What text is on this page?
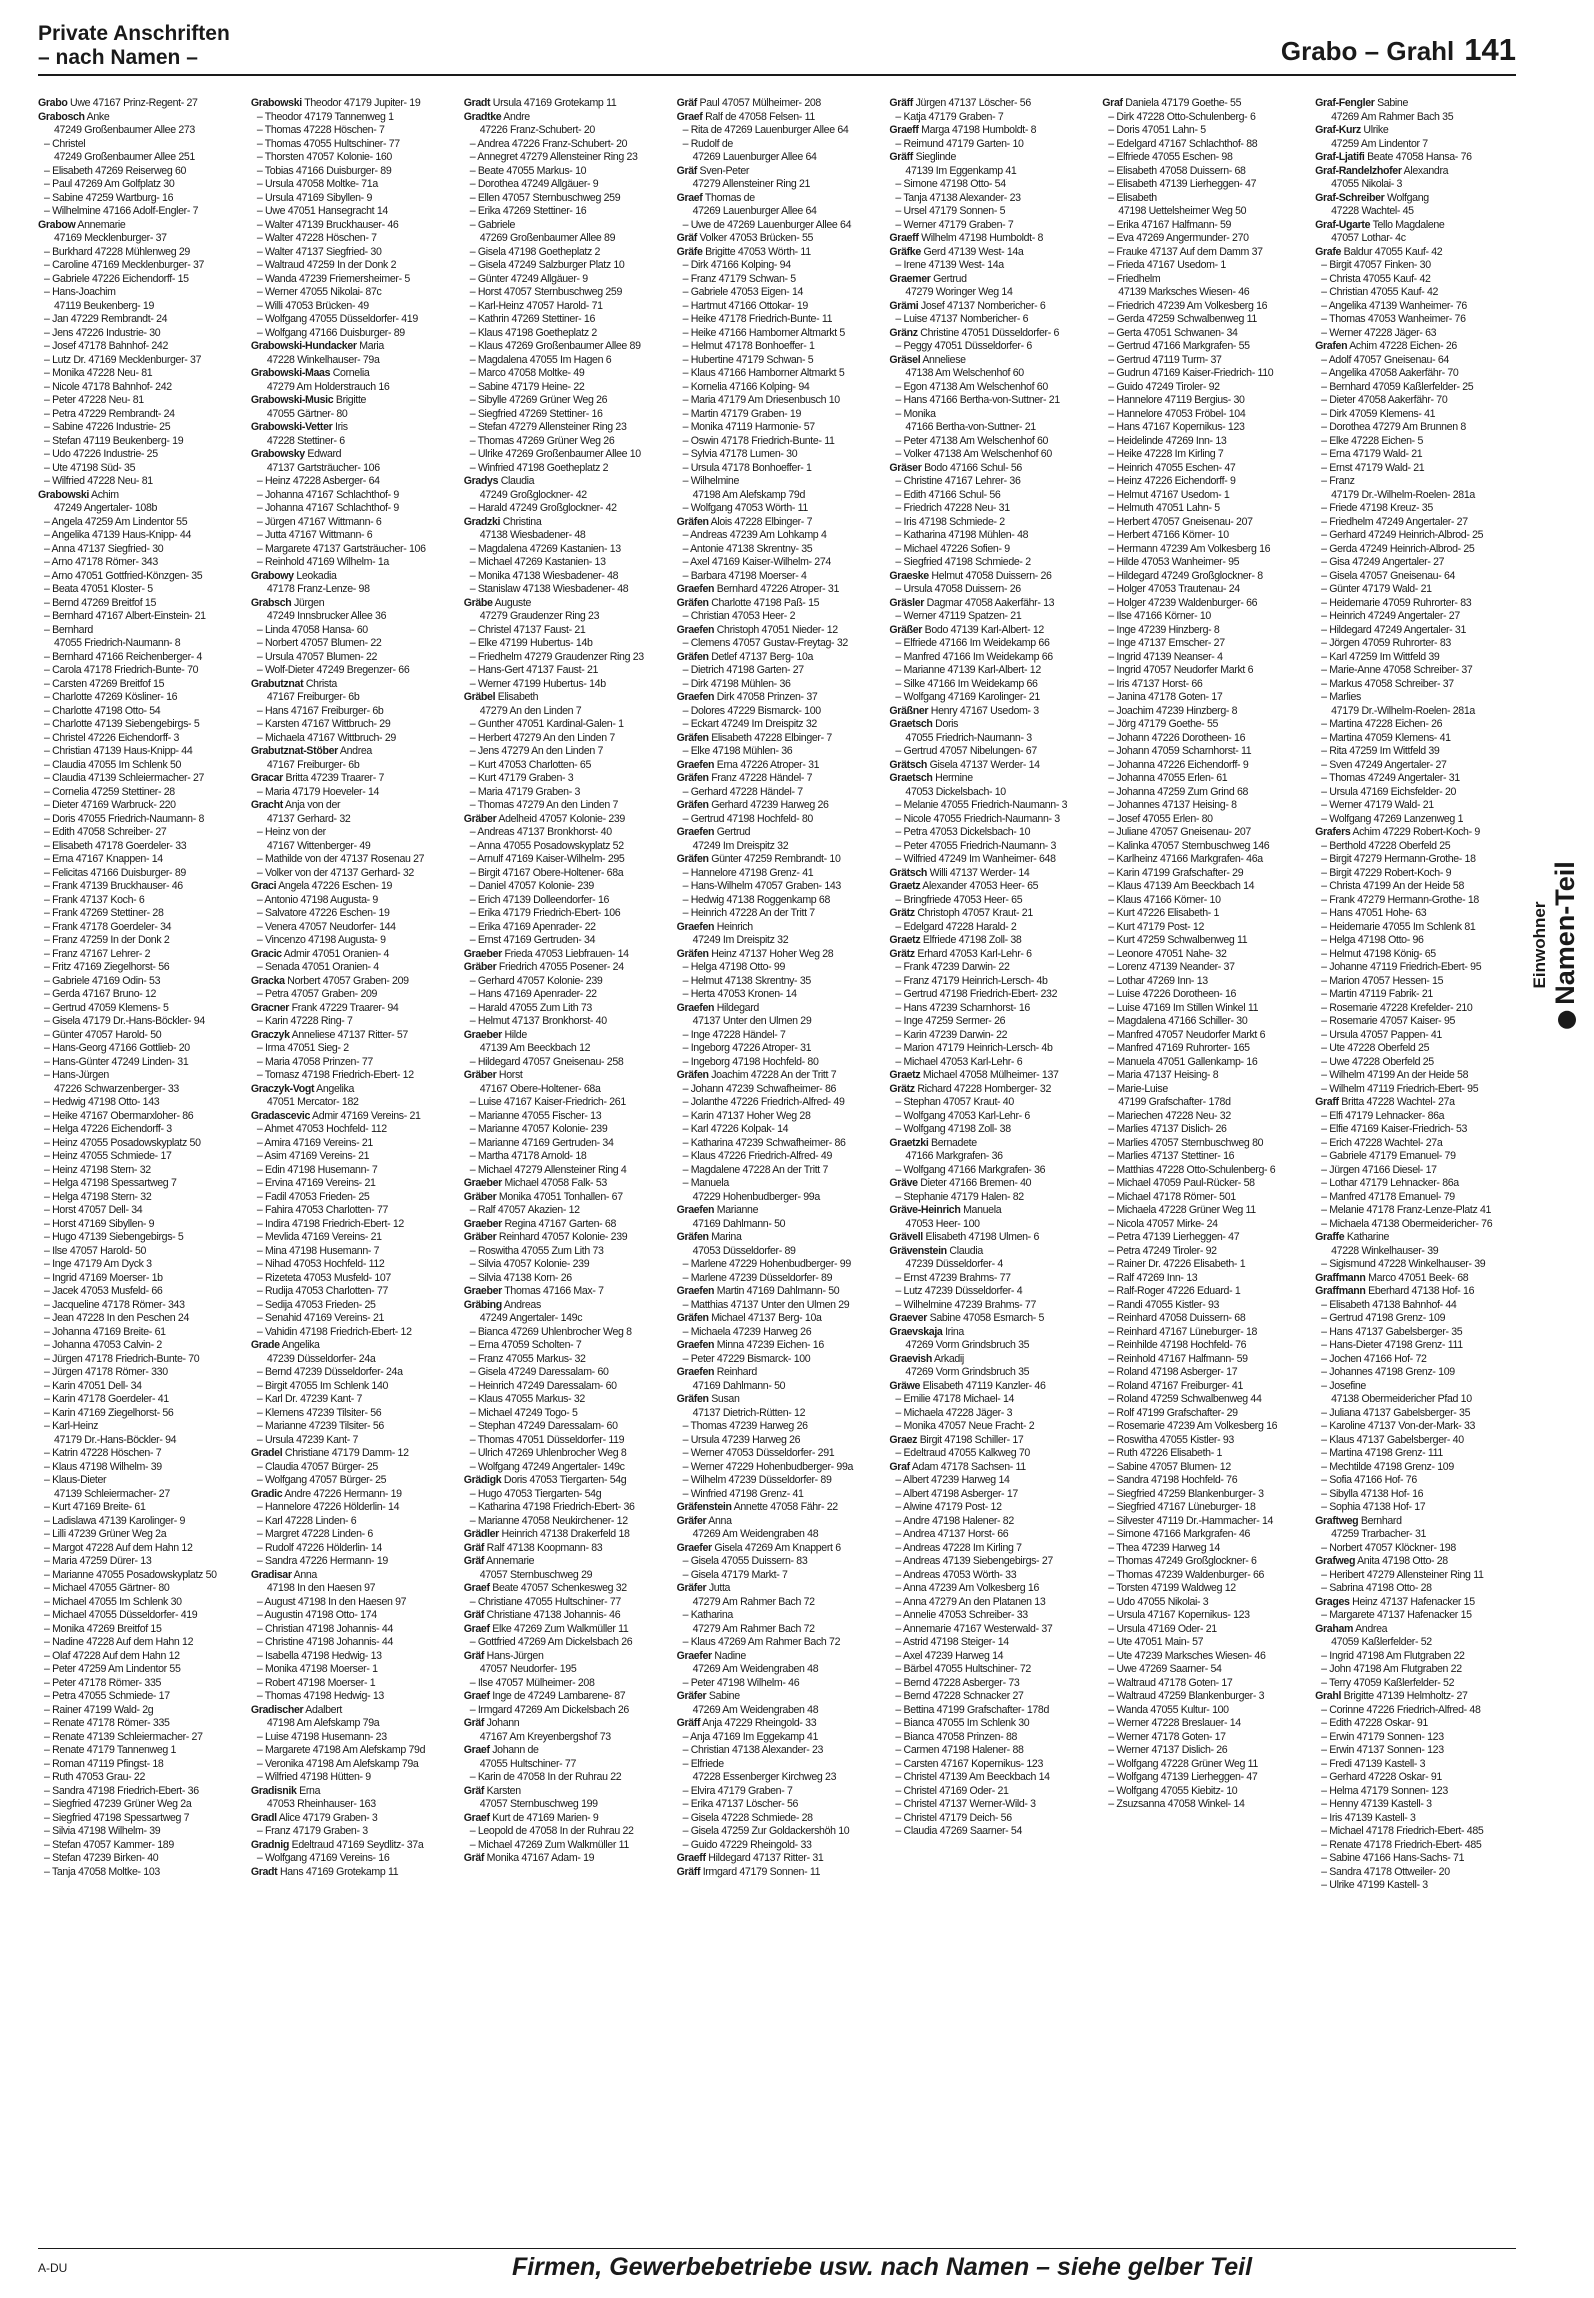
Private Anschriften
– nach Namen –	Grabo – Grahl 141
Grabo Uwe 47167 Prinz-Regent- 27
Grabosch Anke
47249 Großenbaumer Allee 273
– Christel
47249 Großenbaumer Allee 251
– Elisabeth 47269 Reiserweg 60
– Paul 47269 Am Golfplatz 30
– Sabine 47259 Wartburg- 16
– Wilhelmine 47166 Adolf-Engler- 7
Grabow Annemarie
47169 Mecklenburger- 37
– Burkhard 47228 Mühlenweg 29
– Caroline 47169 Mecklenburger- 37
– Gabriele 47226 Eichendorff- 15
– Hans-Joachim
47119 Beukenberg- 19
– Jan 47229 Rembrandt- 24
– Jens 47226 Industrie- 30
– Josef 47178 Bahnhof- 242
– Lutz Dr. 47169 Mecklenburger- 37
– Monika 47228 Neu- 81
– Nicole 47178 Bahnhof- 242
– Peter 47228 Neu- 81
– Petra 47229 Rembrandt- 24
– Sabine 47226 Industrie- 25
– Stefan 47119 Beukenberg- 19
– Udo 47226 Industrie- 25
– Ute 47198 Süd- 35
– Wilfried 47228 Neu- 81
Grabowski Achim
47249 Angertaler- 108b
– Angela 47259 Am Lindentor 55
– Angelika 47139 Haus-Knipp- 44
– Anna 47137 Siegfried- 30
– Arno 47178 Römer- 343
– Arno 47051 Gottfried-Könzgen- 35
– Beata 47051 Kloster- 5
– Bernd 47269 Breitfof 15
– Bernhard 47167 Albert-Einstein- 21
– Bernhard
47055 Friedrich-Naumann- 8
– Bernhard 47166 Reichenberger- 4
– Carola 47178 Friedrich-Bunte- 70
– Carsten 47269 Breitfof 15
– Charlotte 47269 Kösliner- 16
– Charlotte 47198 Otto- 54
– Charlotte 47139 Siebengebirgs- 5
– Christel 47226 Eichendorff- 3
– Christian 47139 Haus-Knipp- 44
– Claudia 47055 Im Schlenk 50
– Claudia 47139 Schleiermacher- 27
– Cornelia 47259 Stettiner- 28
– Dieter 47169 Warbruck- 220
– Doris 47055 Friedrich-Naumann- 8
– Edith 47058 Schreiber- 27
– Elisabeth 47178 Goerdeler- 33
– Erna 47167 Knappen- 14
– Felicitas 47166 Duisburger- 89
– Frank 47139 Bruckhauser- 46
– Frank 47137 Koch- 6
– Frank 47269 Stettiner- 28
– Frank 47178 Goerdeler- 34
– Franz 47259 In der Donk 2
– Franz 47167 Lehrer- 2
– Fritz 47169 Ziegelhorst- 56
– Gabriele 47169 Odin- 53
– Gerda 47167 Bruno- 12
– Gertrud 47059 Klemens- 5
– Gisela 47179 Dr.-Hans-Böckler- 94
– Günter 47057 Harold- 50
– Hans-Georg 47166 Gottlieb- 20
– Hans-Günter 47249 Linden- 31
– Hans-Jürgen
47226 Schwarzenberger- 33
– Hedwig 47198 Otto- 143
– Heike 47167 Obermarxloher- 86
– Helga 47226 Eichendorff- 3
– Heinz 47055 Posadowskyplatz 50
– Heinz 47055 Schmiede- 17
– Heinz 47198 Stern- 32
– Helga 47198 Spessartweg 7
– Helga 47198 Stern- 32
– Horst 47057 Dell- 34
– Horst 47169 Sibyllen- 9
– Hugo 47139 Siebengebirgs- 5
– Ilse 47057 Harold- 50
– Inge 47179 Am Dyck 3
– Ingrid 47169 Moerser- 1b
– Jacek 47053 Musfeld- 66
– Jacqueline 47178 Römer- 343
– Jean 47228 In den Peschen 24
– Johanna 47169 Breite- 61
– Johanna 47053 Calvin- 2
– Jürgen 47178 Friedrich-Bunte- 70
– Jürgen 47178 Römer- 330
– Karin 47051 Dell- 34
– Karin 47178 Goerdeler- 41
– Karin 47169 Ziegelhorst- 56
– Karl-Heinz
47179 Dr.-Hans-Böckler- 94
– Katrin 47228 Höschen- 7
– Klaus 47198 Wilhelm- 39
– Klaus-Dieter
47139 Schleiermacher- 27
– Kurt 47169 Breite- 61
– Ladislawa 47139 Karolinger- 9
– Lilli 47239 Grüner Weg 2a
– Margot 47228 Auf dem Hahn 12
– Maria 47259 Dürer- 13
– Marianne 47055 Posadowskyplatz 50
– Michael 47055 Gärtner- 80
– Michael 47055 Im Schlenk 30
– Michael 47055 Düsseldorfer- 419
– Monika 47269 Breitfof 15
– Nadine 47228 Auf dem Hahn 12
– Olaf 47228 Auf dem Hahn 12
– Peter 47259 Am Lindentor 55
– Peter 47178 Römer- 335
– Petra 47055 Schmiede- 17
– Rainer 47199 Wald- 2g
– Renate 47178 Römer- 335
– Renate 47139 Schleiermacher- 27
– Renate 47179 Tannenweg 1
– Roman 47119 Pfingst- 18
– Ruth 47053 Grau- 22
– Sandra 47198 Friedrich-Ebert- 36
– Siegfried 47239 Grüner Weg 2a
– Siegfried 47198 Spessartweg 7
– Silvia 47198 Wilhelm- 39
– Stefan 47057 Kammer- 189
– Stefan 47239 Birken- 40
– Tanja 47058 Moltke- 103
Grabowski Theodor 47179 Jupiter- 19
– Theodor 47179 Tannenweg 1
– Thomas 47228 Höschen- 7
– Thomas 47055 Hultschiner- 77
– Thorsten 47057 Kolonie- 160
– Tobias 47166 Duisburger- 89
– Ursula 47058 Moltke- 71a
– Ursula 47169 Sibyllen- 9
– Uwe 47051 Hansegracht 14
– Walter 47139 Bruckhauser- 46
– Walter 47228 Höschen- 7
– Walter 47137 Siegfried- 30
– Waltraud 47259 In der Donk 2
– Wanda 47239 Friemersheimer- 5
– Werner 47055 Nikolai- 87c
– Willi 47053 Brücken- 49
– Wolfgang 47055 Düsseldorfer- 419
– Wolfgang 47166 Duisburger- 89
Grabowski-Hundacker Maria
47228 Winkelhauser- 79a
Grabowski-Maas Cornelia
47279 Am Holderstrauch 16
Grabowski-Music Brigitte
47055 Gärtner- 80
Grabowski-Vetter Iris
47228 Stettiner- 6
Grabowsky Edward
47137 Gartsträucher- 106
– Heinz 47228 Asberger- 64
– Johanna 47167 Schlachthof- 9
– Johanna 47167 Schlachthof- 9
– Jürgen 47167 Wittmann- 6
– Jutta 47167 Wittmann- 6
– Margarete 47137 Gartsträucher- 106
– Reinhold 47169 Wilhelm- 1a
Grabowy Leokadia
47178 Franz-Lenze- 98
Grabsch Jürgen
47249 Innsbrucker Allee 36
– Linda 47058 Hansa- 60
– Norbert 47057 Blumen- 22
– Ursula 47057 Blumen- 22
– Wolf-Dieter 47249 Bregenzer- 66
Grabutznat Christa
47167 Freiburger- 6b
– Hans 47167 Freiburger- 6b
– Karsten 47167 Wittbruch- 29
– Michaela 47167 Wittbruch- 29
Grabutznat-Stöber Andrea
47167 Freiburger- 6b
Gracar Britta 47239 Traarer- 7
– Maria 47179 Hoeveler- 14
Gracht Anja von der
47137 Gerhard- 32
– Heinz von der
47167 Wittenberger- 49
– Mathilde von der 47137 Rosenau 27
– Volker von der 47137 Gerhard- 32
Graci Angela 47226 Eschen- 19
– Antonio 47198 Augusta- 9
– Salvatore 47226 Eschen- 19
– Venera 47057 Neudorfer- 144
– Vincenzo 47198 Augusta- 9
Gracic Admir 47051 Oranien- 4
– Senada 47051 Oranien- 4
Gracka Norbert 47057 Graben- 209
– Petra 47057 Graben- 209
Gracner Frank 47229 Traarer- 94
– Karin 47228 Ring- 7
Graczyk Anneliese 47137 Ritter- 57
– Irma 47051 Sieg- 2
– Maria 47058 Prinzen- 77
– Tomasz 47198 Friedrich-Ebert- 12
Graczyk-Vogt Angelika
47051 Mercator- 182
Gradascevic Admir 47169 Vereins- 21
– Ahmet 47053 Hochfeld- 112
– Amira 47169 Vereins- 21
– Asim 47169 Vereins- 21
– Edin 47198 Husemann- 7
– Ervina 47169 Vereins- 21
– Fadil 47053 Frieden- 25
– Fahira 47053 Charlotten- 77
– Indira 47198 Friedrich-Ebert- 12
– Mevlida 47169 Vereins- 21
– Mina 47198 Husemann- 7
– Nihad 47053 Hochfeld- 112
– Rizeteta 47053 Musfeld- 107
– Rudija 47053 Charlotten- 77
– Sedija 47053 Frieden- 25
– Senahid 47169 Vereins- 21
– Vahidin 47198 Friedrich-Ebert- 12
Grade Angelika
47239 Düsseldorfer- 24a
– Bernd 47239 Düsseldorfer- 24a
– Birgit 47055 Im Schlenk 140
– Karl Dr. 47239 Kant- 7
– Klemens 47239 Tilsiter- 56
– Marianne 47239 Tilsiter- 56
– Ursula 47239 Kant- 7
Gradel Christiane 47179 Damm- 12
– Claudia 47057 Bürger- 25
– Wolfgang 47057 Bürger- 25
Gradic Andre 47226 Hermann- 19
– Hannelore 47226 Hölderlin- 14
– Karl 47228 Linden- 6
– Margret 47228 Linden- 6
– Rudolf 47226 Hölderlin- 14
– Sandra 47226 Hermann- 19
Gradisar Anna
47198 In den Haesen 97
– August 47198 In den Haesen 97
– Augustin 47198 Otto- 174
– Christian 47198 Johannis- 44
– Christine 47198 Johannis- 44
– Isabella 47198 Hedwig- 13
– Monika 47198 Moerser- 1
– Robert 47198 Moerser- 1
– Thomas 47198 Hedwig- 13
Gradischer Adalbert
47198 Am Alefskamp 79a
– Luise 47198 Husemann- 23
– Margarete 47198 Am Alefskamp 79d
– Veronika 47198 Am Alefskamp 79a
– Wilfried 47198 Hütten- 9
Gradisnik Erna
47053 Rheinhauser- 163
Gradl Alice 47179 Graben- 3
– Franz 47179 Graben- 3
Gradnig Edeltraud 47169 Seydlitz- 37a
– Wolfgang 47169 Vereins- 16
Gradt Hans 47169 Grotekamp 11
Gradt Ursula 47169 Grotekamp 11
Gradtke Andre
47226 Franz-Schubert- 20
– Andrea 47226 Franz-Schubert- 20
– Annegret 47279 Allensteiner Ring 23
– Beate 47055 Markus- 10
– Dorothea 47249 Allgäuer- 9
– Ellen 47057 Sternbuschweg 259
– Erika 47269 Stettiner- 16
– Gabriele
47269 Großenbaumer Allee 89
– Gisela 47198 Goetheplatz 2
– Gisela 47249 Salzburger Platz 10
– Günter 47249 Allgäuer- 9
– Horst 47057 Sternbuschweg 259
– Karl-Heinz 47057 Harold- 71
– Kathrin 47269 Stettiner- 16
– Klaus 47198 Goetheplatz 2
– Klaus 47269 Großenbaumer Allee 89
– Magdalena 47055 Im Hagen 6
– Marco 47058 Moltke- 49
– Sabine 47179 Heine- 22
– Sibylle 47269 Grüner Weg 26
– Siegfried 47269 Stettiner- 16
– Stefan 47279 Allensteiner Ring 23
– Thomas 47269 Grüner Weg 26
– Ulrike 47269 Großenbaumer Allee 10
– Winfried 47198 Goetheplatz 2
Gradys Claudia
47249 Großglockner- 42
– Harald 47249 Großglockner- 42
Gradzki Christina
47138 Wiesbadener- 48
– Magdalena 47269 Kastanien- 13
– Michael 47269 Kastanien- 13
– Monika 47138 Wiesbadener- 48
– Stanislaw 47138 Wiesbadener- 48
Gräbe Auguste
47279 Graudenzer Ring 23
– Christel 47137 Faust- 21
– Elke 47199 Hubertus- 14b
– Friedhelm 47279 Graudenzer Ring 23
– Hans-Gert 47137 Faust- 21
– Werner 47199 Hubertus- 14b
Gräbel Elisabeth
47279 An den Linden 7
– Gunther 47051 Kardinal-Galen- 1
– Herbert 47279 An den Linden 7
– Jens 47279 An den Linden 7
– Kurt 47053 Charlotten- 65
– Kurt 47179 Graben- 3
– Maria 47179 Graben- 3
– Thomas 47279 An den Linden 7
Gräber Adelheid 47057 Kolonie- 239
– Andreas 47137 Bronkhorst- 40
– Anna 47055 Posadowskyplatz 52
– Arnulf 47169 Kaiser-Wilhelm- 295
– Birgit 47167 Obere-Holtener- 68a
– Daniel 47057 Kolonie- 239
– Erich 47139 Dolleendorfer- 16
– Erika 47179 Friedrich-Ebert- 106
– Erika 47169 Apenrader- 22
– Ernst 47169 Gertruden- 34
Graeber Frieda 47053 Liebfrauen- 14
Gräber Friedrich 47055 Posener- 24
– Gerhard 47057 Kolonie- 239
– Hans 47169 Apenrader- 22
– Harald 47055 Zum Lith 73
– Helmut 47137 Bronkhorst- 40
Graeber Hilde
47139 Am Beeckbach 12
– Hildegard 47057 Gneisenau- 258
Gräber Horst
47167 Obere-Holtener- 68a
– Luise 47167 Kaiser-Friedrich- 261
– Marianne 47055 Fischer- 13
– Marianne 47057 Kolonie- 239
– Marianne 47169 Gertruden- 34
– Martha 47178 Arnold- 18
– Michael 47279 Allensteiner Ring 4
Graeber Michael 47058 Falk- 53
Gräber Monika 47051 Tonhallen- 67
– Ralf 47057 Akazien- 12
Graeber Regina 47167 Garten- 68
Gräber Reinhard 47057 Kolonie- 239
– Roswitha 47055 Zum Lith 73
– Silvia 47057 Kolonie- 239
– Silvia 47138 Korn- 26
Graeber Thomas 47166 Max- 7
Gräbing Andreas
47249 Angertaler- 149c
– Bianca 47269 Uhlenbrocher Weg 8
– Erna 47059 Scholten- 7
– Franz 47055 Markus- 32
– Gisela 47249 Daressalam- 60
– Heinrich 47249 Daressalam- 60
– Klaus 47055 Markus- 32
– Michael 47249 Togo- 5
– Stephan 47249 Daressalam- 60
– Thomas 47051 Düsseldorfer- 119
– Ulrich 47269 Uhlenbrocher Weg 8
– Wolfgang 47249 Angertaler- 149c
Grädigk Doris 47053 Tiergarten- 54g
– Hugo 47053 Tiergarten- 54g
– Katharina 47198 Friedrich-Ebert- 36
– Marianne 47058 Neukirchener- 12
Grädler Heinrich 47138 Drakerfeld 18
Gräf Ralf 47138 Koopmann- 83
Gräf Annemarie
47057 Sternbuschweg 29
Graef Beate 47057 Schenkesweg 32
– Christiane 47055 Hultschiner- 77
Gräf Christiane 47138 Johannis- 46
Graef Elke 47269 Zum Walkmüller 11
– Gottfried 47269 Am Dickelsbach 26
Gräf Hans-Jürgen
47057 Neudorfer- 195
– Ilse 47057 Mülheimer- 208
Graef Inge de 47249 Lambarene- 87
– Irmgard 47269 Am Dickelsbach 26
Gräf Johann
47167 Am Kreyenbergshof 73
Graef Johann de
47055 Hultschiner- 77
– Karin de 47058 In der Ruhrau 22
Gräf Karsten
47057 Sternbuschweg 199
Graef Kurt de 47169 Marien- 9
– Leopold de 47058 In der Ruhrau 22
– Michael 47269 Zum Walkmüller 11
Gräf Monika 47167 Adam- 19
Gräf Paul 47057 Mülheimer- 208
Graef Ralf de 47058 Felsen- 11
– Rita de 47269 Lauenburger Allee 64
– Rudolf de
47269 Lauenburger Allee 64
Gräf Sven-Peter
47279 Allensteiner Ring 21
Graef Thomas de
47269 Lauenburger Allee 64
– Uwe de 47269 Lauenburger Allee 64
Gräf Volker 47053 Brücken- 55
Gräfe Brigitte 47053 Wörth- 11
– Dirk 47166 Kolping- 94
– Franz 47179 Schwan- 5
– Gabriele 47053 Eigen- 14
– Hartmut 47166 Ottokar- 19
– Heike 47178 Friedrich-Bunte- 11
– Heike 47166 Hamborner Altmarkt 5
– Helmut 47178 Bonhoeffer- 1
– Hubertine 47179 Schwan- 5
– Klaus 47166 Hamborner Altmarkt 5
– Kornelia 47166 Kolping- 94
– Maria 47179 Am Driesenbusch 10
– Martin 47179 Graben- 19
– Monika 47119 Harmonie- 57
– Oswin 47178 Friedrich-Bunte- 11
– Sylvia 47178 Lumen- 30
– Ursula 47178 Bonhoeffer- 1
– Wilhelmine
47198 Am Alefskamp 79d
– Wolfgang 47053 Wörth- 11
Gräfen Alois 47228 Elbinger- 7
– Andreas 47239 Am Lohkamp 4
– Antonie 47138 Skrentny- 35
– Axel 47169 Kaiser-Wilhelm- 274
– Barbara 47198 Moerser- 4
Graefen Bernhard 47226 Atroper- 31
Gräfen Charlotte 47198 Paß- 15
– Christian 47053 Heer- 2
Graefen Christoph 47051 Nieder- 12
– Clemens 47057 Gustav-Freytag- 32
Gräfen Detlef 47137 Berg- 10a
– Dietrich 47198 Garten- 27
– Dirk 47198 Mühlen- 36
Graefen Dirk 47058 Prinzen- 37
– Dolores 47229 Bismarck- 100
– Eckart 47249 Im Dreispitz 32
Gräfen Elisabeth 47228 Elbinger- 7
– Elke 47198 Mühlen- 36
Graefen Erna 47226 Atroper- 31
Gräfen Franz 47228 Händel- 7
– Gerhard 47228 Händel- 7
Gräfen Gerhard 47239 Harweg 26
– Gertrud 47198 Hochfeld- 80
Graefen Gertrud
47249 Im Dreispitz 32
Gräfen Günter 47259 Rembrandt- 10
– Hannelore 47198 Grenz- 41
– Hans-Wilhelm 47057 Graben- 143
– Hedwig 47138 Roggenkamp 68
– Heinrich 47228 An der Tritt 7
Graefen Heinrich
47249 Im Dreispitz 32
Gräfen Heinz 47137 Hoher Weg 28
– Helga 47198 Otto- 99
– Helmut 47138 Skrentny- 35
– Herta 47053 Kronen- 14
Graefen Hildegard
47137 Unter den Ulmen 29
– Inge 47228 Händel- 7
– Ingeborg 47226 Atroper- 31
– Ingeborg 47198 Hochfeld- 80
Gräfen Joachim 47228 An der Tritt 7
– Johann 47239 Schwafheimer- 86
– Jolanthe 47226 Friedrich-Alfred- 49
– Karin 47137 Hoher Weg 28
– Karl 47226 Kolpak- 14
– Katharina 47239 Schwafheimer- 86
– Klaus 47226 Friedrich-Alfred- 49
– Magdalene 47228 An der Tritt 7
– Manuela
47229 Hohenbudberger- 99a
Graefen Marianne
47169 Dahlmann- 50
Gräfen Marina
47053 Düsseldorfer- 89
– Marlene 47229 Hohenbudberger- 99
– Marlene 47239 Düsseldorfer- 89
Graefen Martin 47169 Dahlmann- 50
– Matthias 47137 Unter den Ulmen 29
Gräfen Michael 47137 Berg- 10a
– Michaela 47239 Harweg 26
Graefen Minna 47239 Eichen- 16
– Peter 47229 Bismarck- 100
Graefen Reinhard
47169 Dahlmann- 50
Gräfen Susan
47137 Dietrich-Rütten- 12
– Thomas 47239 Harweg 26
– Ursula 47239 Harweg 26
– Werner 47053 Düsseldorfer- 291
– Werner 47229 Hohenbudberger- 99a
– Wilhelm 47239 Düsseldorfer- 89
– Winfried 47198 Grenz- 41
Gräfenstein Annette 47058 Fähr- 22
Gräfer Anna
47269 Am Weidengraben 48
Graefer Gisela 47269 Am Knappert 6
– Gisela 47055 Duissern- 83
– Gisela 47179 Markt- 7
Gräfer Jutta
47279 Am Rahmer Bach 72
– Katharina
47279 Am Rahmer Bach 72
– Klaus 47269 Am Rahmer Bach 72
Graefer Nadine
47269 Am Weidengraben 48
– Peter 47198 Wilhelm- 46
Gräfer Sabine
47269 Am Weidengraben 48
Gräff Anja 47229 Rheingold- 33
– Anja 47169 Im Eggekamp 41
– Christian 47138 Alexander- 23
– Elfriede
47228 Essenberger Kirchweg 23
– Elvira 47179 Graben- 7
– Erika 47137 Löscher- 56
– Gisela 47228 Schmiede- 28
– Gisela 47259 Zur Goldackershöh 10
– Guido 47229 Rheingold- 33
Graeff Hildegard 47137 Ritter- 31
Gräff Irmgard 47179 Sonnen- 11
Gräff Jürgen 47137 Löscher- 56
– Katja 47179 Graben- 7
Graeff Marga 47198 Humboldt- 8
– Reimund 47179 Garten- 10
Gräff Sieglinde
47139 Im Eggenkamp 41
– Simone 47198 Otto- 54
– Tanja 47138 Alexander- 23
– Ursel 47179 Sonnen- 5
– Werner 47179 Graben- 7
Graeff Wilhelm 47198 Humboldt- 8
Gräfke Gerd 47139 West- 14a
– Irene 47139 West- 14a
Graemer Gertrud
47279 Woringer Weg 14
Grämi Josef 47137 Nombericher- 6
– Luise 47137 Nombericher- 6
Gränz Christine 47051 Düsseldorfer- 6
– Peggy 47051 Düsseldorfer- 6
Gräsel Anneliese
47138 Am Welschenhof 60
– Egon 47138 Am Welschenhof 60
– Hans 47166 Bertha-von-Suttner- 21
– Monika
47166 Bertha-von-Suttner- 21
– Peter 47138 Am Welschenhof 60
– Volker 47138 Am Welschenhof 60
Gräser Bodo 47166 Schul- 56
– Christine 47167 Lehrer- 36
– Edith 47166 Schul- 56
– Friedrich 47228 Neu- 31
– Iris 47198 Schmiede- 2
– Katharina 47198 Mühlen- 48
– Michael 47226 Sofien- 9
– Siegfried 47198 Schmiede- 2
Graeske Helmut 47058 Duissern- 26
– Ursula 47058 Duissern- 26
Gräsler Dagmar 47058 Aakerfähr- 13
– Werner 47119 Spatzen- 21
Gräßer Bodo 47139 Karl-Albert- 12
– Elfriede 47166 Im Weidekamp 66
– Manfred 47166 Im Weidekamp 66
– Marianne 47139 Karl-Albert- 12
– Silke 47166 Im Weidekamp 66
– Wolfgang 47169 Karolinger- 21
Gräßner Henry 47167 Usedom- 3
Graetsch Doris
47055 Friedrich-Naumann- 3
– Gertrud 47057 Nibelungen- 67
Grätsch Gisela 47137 Werder- 14
Graetsch Hermine
47053 Dickelsbach- 10
– Melanie 47055 Friedrich-Naumann- 3
– Nicole 47055 Friedrich-Naumann- 3
– Petra 47053 Dickelsbach- 10
– Peter 47055 Friedrich-Naumann- 3
– Wilfried 47249 Im Wanheimer- 648
Grätsch Willi 47137 Werder- 14
Graetz Alexander 47053 Heer- 65
– Bringfriede 47053 Heer- 65
Grätz Christoph 47057 Kraut- 21
– Edelgard 47228 Harald- 2
Graetz Elfriede 47198 Zoll- 38
Grätz Erhard 47053 Karl-Lehr- 6
– Frank 47239 Darwin- 22
– Franz 47179 Heinrich-Lersch- 4b
– Gertrud 47198 Friedrich-Ebert- 232
– Hans 47239 Scharnhorst- 16
– Inge 47259 Sermer- 26
– Karin 47239 Darwin- 22
– Marion 47179 Heinrich-Lersch- 4b
– Michael 47053 Karl-Lehr- 6
Graetz Michael 47058 Mülheimer- 137
Grätz Richard 47228 Homberger- 32
– Stephan 47057 Kraut- 40
– Wolfgang 47053 Karl-Lehr- 6
– Wolfgang 47198 Zoll- 38
Graetzki Bernadete
47166 Markgrafen- 36
– Wolfgang 47166 Markgrafen- 36
Gräve Dieter 47166 Bremen- 40
– Stephanie 47179 Halen- 82
Gräve-Heinrich Manuela
47053 Heer- 100
Grävell Elisabeth 47198 Ulmen- 6
Grävenstein Claudia
47239 Düsseldorfer- 4
– Ernst 47239 Brahms- 77
– Lutz 47239 Düsseldorfer- 4
– Wilhelmine 47239 Brahms- 77
Graever Sabine 47058 Esmarch- 5
Graevskaja Irina
47269 Vorm Grindsbruch 35
Graevish Arkadij
47269 Vorm Grindsbruch 35
Gräwe Elisabeth 47119 Kanzler- 46
– Emilie 47178 Michael- 14
– Michaela 47228 Jäger- 3
– Monika 47057 Neue Fracht- 2
Graez Birgit 47198 Schiller- 17
– Edeltraud 47055 Kalkweg 70
Graf Adam 47178 Sachsen- 11
– Albert 47239 Harweg 14
– Albert 47198 Asberger- 17
– Alwine 47179 Post- 12
– Andre 47198 Halener- 82
– Andrea 47137 Horst- 66
– Andreas 47228 Im Kirling 7
– Andreas 47139 Siebengebirgs- 27
– Andreas 47053 Wörth- 33
– Anna 47239 Am Volkesberg 16
– Anna 47279 An den Platanen 13
– Annelie 47053 Schreiber- 33
– Annemarie 47167 Westerwald- 37
– Astrid 47198 Steiger- 14
– Axel 47239 Harweg 14
– Bärbel 47055 Hultschiner- 72
– Bernd 47228 Asberger- 73
– Bernd 47228 Schnacker 27
– Bettina 47199 Grafschafter- 178d
– Bianca 47055 Im Schlenk 30
– Bianca 47058 Prinzen- 88
– Carmen 47198 Halener- 88
– Carsten 47167 Kopernikus- 123
– Christel 47139 Am Beeckbach 14
– Christel 47169 Oder- 21
– Christel 47137 Werner-Wild- 3
– Christel 47179 Deich- 56
– Claudia 47269 Saarner- 54
Graf Daniela 47179 Goethe- 55
– Dirk 47228 Otto-Schulenberg- 6
– Doris 47051 Lahn- 5
– Edelgard 47167 Schlachthof- 88
– Elfriede 47055 Eschen- 98
– Elisabeth 47058 Duissern- 68
– Elisabeth 47139 Lierheggen- 47
– Elisabeth
47198 Uettelsheimer Weg 50
– Erika 47167 Halfmann- 59
– Eva 47269 Angermunder- 270
– Frauke 47137 Auf dem Damm 37
– Frieda 47167 Usedom- 1
– Friedhelm
47139 Marksches Wiesen- 46
– Friedrich 47239 Am Volkesberg 16
– Gerda 47259 Schwalbenweg 11
– Gerta 47051 Schwanen- 34
– Gertrud 47166 Markgrafen- 55
– Gertrud 47119 Turm- 37
– Gudrun 47169 Kaiser-Friedrich- 110
– Guido 47249 Tiroler- 92
– Hannelore 47119 Bergius- 30
– Hannelore 47053 Fröbel- 104
– Hans 47167 Kopernikus- 123
– Heidelinde 47269 Inn- 13
– Heike 47228 Im Kirling 7
– Heinrich 47055 Eschen- 47
– Heinz 47226 Eichendorff- 9
– Helmut 47167 Usedom- 1
– Helmuth 47051 Lahn- 5
– Herbert 47057 Gneisenau- 207
– Herbert 47166 Körner- 10
– Hermann 47239 Am Volkesberg 16
– Hilde 47053 Wanheimer- 95
– Hildegard 47249 Großglockner- 8
– Holger 47053 Trautenau- 24
– Holger 47239 Waldenburger- 66
– Ilse 47166 Körner- 10
– Inge 47239 Hinzberg- 8
– Inge 47137 Emscher- 27
– Ingrid 47139 Neanser- 4
– Ingrid 47057 Neudorfer Markt 6
– Iris 47137 Horst- 66
– Janina 47178 Goten- 17
– Joachim 47239 Hinzberg- 8
– Jörg 47179 Goethe- 55
– Johann 47226 Dorotheen- 16
– Johann 47059 Scharnhorst- 11
– Johanna 47226 Eichendorff- 9
– Johanna 47055 Erlen- 61
– Johanna 47259 Zum Grind 68
– Johannes 47137 Heising- 8
– Josef 47055 Erlen- 80
– Juliane 47057 Gneisenau- 207
– Kalinka 47057 Sternbuschweg 146
– Karlheinz 47166 Markgrafen- 46a
– Karin 47199 Grafschafter- 29
– Klaus 47139 Am Beeckbach 14
– Klaus 47166 Körner- 10
– Kurt 47226 Elisabeth- 1
– Kurt 47179 Post- 12
– Kurt 47259 Schwalbenweg 11
– Leonore 47051 Nahe- 32
– Lorenz 47139 Neander- 37
– Lothar 47269 Inn- 13
– Luise 47226 Dorotheen- 16
– Luise 47169 Im Stillen Winkel 11
– Magdalena 47166 Schiller- 30
– Manfred 47057 Neudorfer Markt 6
– Manfred 47169 Ruhrorter- 165
– Manuela 47051 Gallenkamp- 16
– Maria 47137 Heising- 8
– Marie-Luise
47199 Grafschafter- 178d
– Mariechen 47228 Neu- 32
– Marlies 47137 Dislich- 26
– Marlies 47057 Sternbuschweg 80
– Marlies 47137 Stettiner- 16
– Matthias 47228 Otto-Schulenberg- 6
– Michael 47059 Paul-Rücker- 58
– Michael 47178 Römer- 501
– Michaela 47228 Grüner Weg 11
– Nicola 47057 Mirke- 24
– Petra 47139 Lierheggen- 47
– Petra 47249 Tiroler- 92
– Rainer Dr. 47226 Elisabeth- 1
– Ralf 47269 Inn- 13
– Ralf-Roger 47226 Eduard- 1
– Randi 47055 Kistler- 93
– Reinhard 47058 Duissern- 68
– Reinhard 47167 Lüneburger- 18
– Reinhilde 47198 Hochfeld- 76
– Reinhold 47167 Halfmann- 59
– Roland 47198 Asberger- 17
– Roland 47167 Freiburger- 41
– Roland 47259 Schwalbenweg 44
– Rolf 47199 Grafschafter- 29
– Rosemarie 47239 Am Volkesberg 16
– Roswitha 47055 Kistler- 93
– Ruth 47226 Elisabeth- 1
– Sabine 47057 Blumen- 12
– Sandra 47198 Hochfeld- 76
– Siegfried 47259 Blankenburger- 3
– Siegfried 47167 Lüneburger- 18
– Silvester 47119 Dr.-Hammacher- 14
– Simone 47166 Markgrafen- 46
– Thea 47239 Harweg 14
– Thomas 47249 Großglockner- 6
– Thomas 47239 Waldenburger- 66
– Torsten 47199 Waldweg 12
– Udo 47055 Nikolai- 3
– Ursula 47167 Kopernikus- 123
– Ursula 47169 Oder- 21
– Ute 47051 Main- 57
– Ute 47239 Marksches Wiesen- 46
– Uwe 47269 Saarner- 54
– Waltraud 47178 Goten- 17
– Waltraud 47259 Blankenburger- 3
– Wanda 47055 Kultur- 100
– Werner 47228 Breslauer- 14
– Werner 47178 Goten- 17
– Werner 47137 Dislich- 26
– Wolfgang 47228 Grüner Weg 11
– Wolfgang 47139 Lierheggen- 47
– Wolfgang 47055 Kiebitz- 10
– Zsuzsanna 47058 Winkel- 14
Graf-Fengler Sabine
47269 Am Rahmer Bach 35
Graf-Kurz Ulrike
47259 Am Lindentor 7
Graf-Ljatifi Beate 47058 Hansa- 76
Graf-Randelzhofer Alexandra
47055 Nikolai- 3
Graf-Schreiber Wolfgang
47228 Wachtel- 45
Graf-Ugarte Tello Magdalene
47057 Lothar- 4c
Grafe Baldur 47055 Kauf- 42
– Birgit 47057 Finken- 30
– Christa 47055 Kauf- 42
– Christian 47055 Kauf- 42
– Angelika 47139 Wanheimer- 76
– Thomas 47053 Wanheimer- 76
– Werner 47228 Jäger- 63
Grafen Achim 47228 Eichen- 26
– Adolf 47057 Gneisenau- 64
– Angelika 47058 Aakerfähr- 70
– Bernhard 47059 Kaßlerfelder- 25
– Dieter 47058 Aakerfähr- 70
– Dirk 47059 Klemens- 41
– Dorothea 47279 Am Brunnen 8
– Elke 47228 Eichen- 5
– Erna 47179 Wald- 21
– Ernst 47179 Wald- 21
– Franz
47179 Dr.-Wilhelm-Roelen- 281a
– Friede 47198 Kreuz- 35
– Friedhelm 47249 Angertaler- 27
– Gerhard 47249 Heinrich-Albrod- 25
– Gerda 47249 Heinrich-Albrod- 25
– Gisa 47249 Angertaler- 27
– Gisela 47057 Gneisenau- 64
– Günter 47179 Wald- 21
– Heidemarie 47059 Ruhrorter- 83
– Heinrich 47249 Angertaler- 27
– Hildegard 47249 Angertaler- 31
– Jörgen 47059 Ruhrorter- 83
– Karl 47259 Im Wittfeld 39
– Marie-Anne 47058 Schreiber- 37
– Markus 47058 Schreiber- 37
– Marlies
47179 Dr.-Wilhelm-Roelen- 281a
– Martina 47228 Eichen- 26
– Martina 47059 Klemens- 41
– Rita 47259 Im Wittfeld 39
– Sven 47249 Angertaler- 27
– Thomas 47249 Angertaler- 31
– Ursula 47169 Eichsfelder- 20
– Werner 47179 Wald- 21
– Wolfgang 47269 Lanzenweg 1
Grafers Achim 47229 Robert-Koch- 9
– Berthold 47228 Oberfeld 25
– Birgit 47279 Hermann-Grothe- 18
– Birgit 47229 Robert-Koch- 9
– Christa 47199 An der Heide 58
– Frank 47279 Hermann-Grothe- 18
– Hans 47051 Hohe- 63
– Heidemarie 47055 Im Schlenk 81
– Helga 47198 Otto- 96
– Helmut 47198 König- 65
– Johanne 47119 Friedrich-Ebert- 95
– Marion 47057 Hessen- 15
– Martin 47119 Fabrik- 21
– Rosemarie 47228 Krefelder- 210
– Rosemarie 47057 Kaiser- 95
– Ursula 47057 Pappen- 41
– Ute 47228 Oberfeld 25
– Uwe 47228 Oberfeld 25
– Wilhelm 47199 An der Heide 58
– Wilhelm 47119 Friedrich-Ebert- 95
Graff Britta 47228 Wachtel- 27a
– Elfi 47179 Lehnacker- 86a
– Elfie 47169 Kaiser-Friedrich- 53
– Erich 47228 Wachtel- 27a
– Gabriele 47179 Emanuel- 79
– Jürgen 47166 Diesel- 17
– Lothar 47179 Lehnacker- 86a
– Manfred 47178 Emanuel- 79
– Melanie 47178 Franz-Lenze-Platz 41
– Michaela 47138 Obermeidericher- 76
Graffe Katharine
47228 Winkelhauser- 39
– Sigismund 47228 Winkelhauser- 39
Graffmann Marco 47051 Beek- 68
Graffmann Eberhard 47138 Hof- 16
– Elisabeth 47138 Bahnhof- 44
– Gertrud 47198 Grenz- 109
– Hans 47137 Gabelsberger- 35
– Hans-Dieter 47198 Grenz- 111
– Jochen 47166 Hof- 72
– Johannes 47198 Grenz- 109
– Josefine
47138 Obermeidericher Pfad 10
– Juliana 47137 Gabelsberger- 35
– Karoline 47137 Von-der-Mark- 33
– Klaus 47137 Gabelsberger- 40
– Martina 47198 Grenz- 111
– Mechtilde 47198 Grenz- 109
– Sofia 47166 Hof- 76
– Sibylla 47138 Hof- 16
– Sophia 47138 Hof- 17
Graftweg Bernhard
47259 Trarbacher- 31
– Norbert 47057 Klöckner- 198
Grafweg Anita 47198 Otto- 28
– Heribert 47279 Allensteiner Ring 11
– Sabrina 47198 Otto- 28
Grages Heinz 47137 Hafenacker 15
– Margarete 47137 Hafenacker 15
Graham Andrea
47059 Kaßlerfelder- 52
– Ingrid 47198 Am Flutgraben 22
– John 47198 Am Flutgraben 22
– Terry 47059 Kaßlerfelder- 52
Grahl Brigitte 47139 Helmholtz- 27
– Corinne 47226 Friedrich-Alfred- 48
– Edith 47228 Oskar- 91
– Erwin 47179 Sonnen- 123
– Erwin 47137 Sonnen- 123
– Fredi 47139 Kastell- 3
– Gerhard 47228 Oskar- 91
– Helma 47179 Sonnen- 123
– Henny 47139 Kastell- 3
– Iris 47139 Kastell- 3
– Michael 47178 Friedrich-Ebert- 485
– Renate 47178 Friedrich-Ebert- 485
– Sabine 47166 Hans-Sachs- 71
– Sandra 47178 Ottweiler- 20
– Ulrike 47199 Kastell- 3
Einwohner Namen-Teil
A-DU	Firmen, Gewerbebetriebe usw. nach Namen – siehe gelber Teil
